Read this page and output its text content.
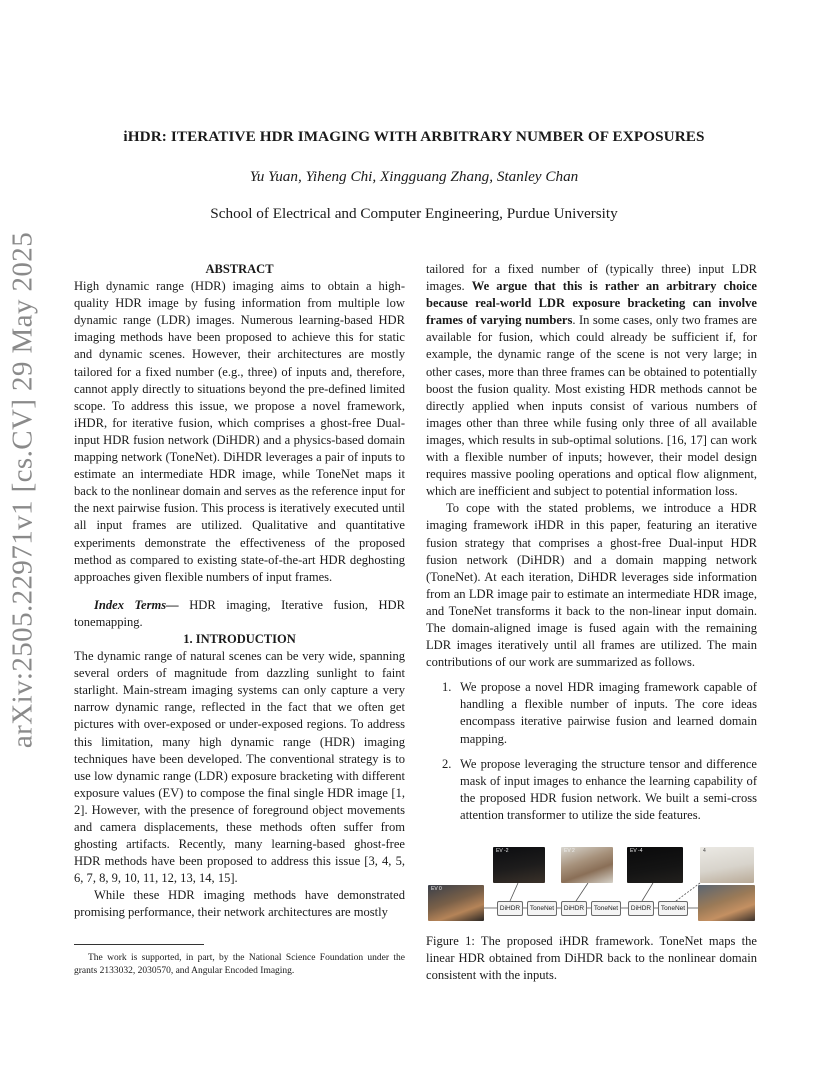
iHDR: ITERATIVE HDR IMAGING WITH ARBITRARY NUMBER OF EXPOSURES
Yu Yuan, Yiheng Chi, Xingguang Zhang, Stanley Chan
School of Electrical and Computer Engineering, Purdue University
arXiv:2505.22971v1 [cs.CV] 29 May 2025	ABSTRACT

High dynamic range (HDR) imaging aims to obtain a high-quality HDR image by fusing information from multiple low dynamic range (LDR) images. Numerous learning-based HDR imaging methods have been proposed to achieve this for static and dynamic scenes. However, their architectures are mostly tailored for a fixed number (e.g., three) of inputs and, therefore, cannot apply directly to situations beyond the pre-defined limited scope. To address this issue, we propose a novel framework, iHDR, for iterative fusion, which comprises a ghost-free Dual-input HDR fusion network (DiHDR) and a physics-based domain mapping network (ToneNet). DiHDR leverages a pair of inputs to estimate an intermediate HDR image, while ToneNet maps it back to the nonlinear domain and serves as the reference input for the next pairwise fusion. This process is iteratively executed until all input frames are utilized. Qualitative and quantitative experiments demonstrate the effectiveness of the proposed method as compared to existing state-of-the-art HDR deghosting approaches given flexible numbers of input frames.

Index Terms— HDR imaging, Iterative fusion, HDR tonemapping.

1. INTRODUCTION

The dynamic range of natural scenes can be very wide, spanning several orders of magnitude from dazzling sunlight to faint starlight. Main-stream imaging systems can only capture a very narrow dynamic range, reflected in the fact that we often get pictures with over-exposed or under-exposed regions. To address this limitation, many high dynamic range (HDR) imaging techniques have been developed. The conventional strategy is to use low dynamic range (LDR) exposure bracketing with different exposure values (EV) to compose the final single HDR image [1, 2]. However, with the presence of foreground object movements and camera displacements, these methods often suffer from ghosting artifacts. Recently, many learning-based ghost-free HDR methods have been proposed to address this issue [3, 4, 5, 6, 7, 8, 9, 10, 11, 12, 13, 14, 15].

While these HDR imaging methods have demonstrated promising performance, their network architectures are mostly

The work is supported, in part, by the National Science Foundation under the grants 2133032, 2030570, and Angular Encoded Imaging.

tailored for a fixed number of (typically three) input LDR images. We argue that this is rather an arbitrary choice because real-world LDR exposure bracketing can involve frames of varying numbers. In some cases, only two frames are available for fusion, which could already be sufficient if, for example, the dynamic range of the scene is not very large; in other cases, more than three frames can be obtained to potentially boost the fusion quality. Most existing HDR methods cannot be directly applied when inputs consist of various numbers of images other than three while fusing only three of all available images, which results in sub-optimal solutions. [16, 17] can work with a flexible number of inputs; however, their model design requires massive pooling operations and optical flow alignment, which are inefficient and subject to potential information loss.

To cope with the stated problems, we introduce a HDR imaging framework iHDR in this paper, featuring an iterative fusion strategy that comprises a ghost-free Dual-input HDR fusion network (DiHDR) and a domain mapping network (ToneNet). At each iteration, DiHDR leverages side information from an LDR image pair to estimate an intermediate HDR image, and ToneNet transforms it back to the non-linear input domain. The domain-aligned image is fused again with the remaining LDR images iteratively until all frames are utilized. The main contributions of our work are summarized as follows.

1. We propose a novel HDR imaging framework capable of handling a flexible number of inputs. The core ideas encompass iterative pairwise fusion and learned domain mapping.
2. We propose leveraging the structure tensor and difference mask of input images to enhance the learning capability of the proposed HDR fusion network. We built a semi-cross attention transformer to utilize the side features.
EV 0
EV -2	EV 2	EV -4	4
DiHDR	ToneNet	DiHDR	ToneNet	DiHDR	ToneNet

Figure 1: The proposed iHDR framework. ToneNet maps the linear HDR obtained from DiHDR back to the nonlinear domain consistent with the inputs.
